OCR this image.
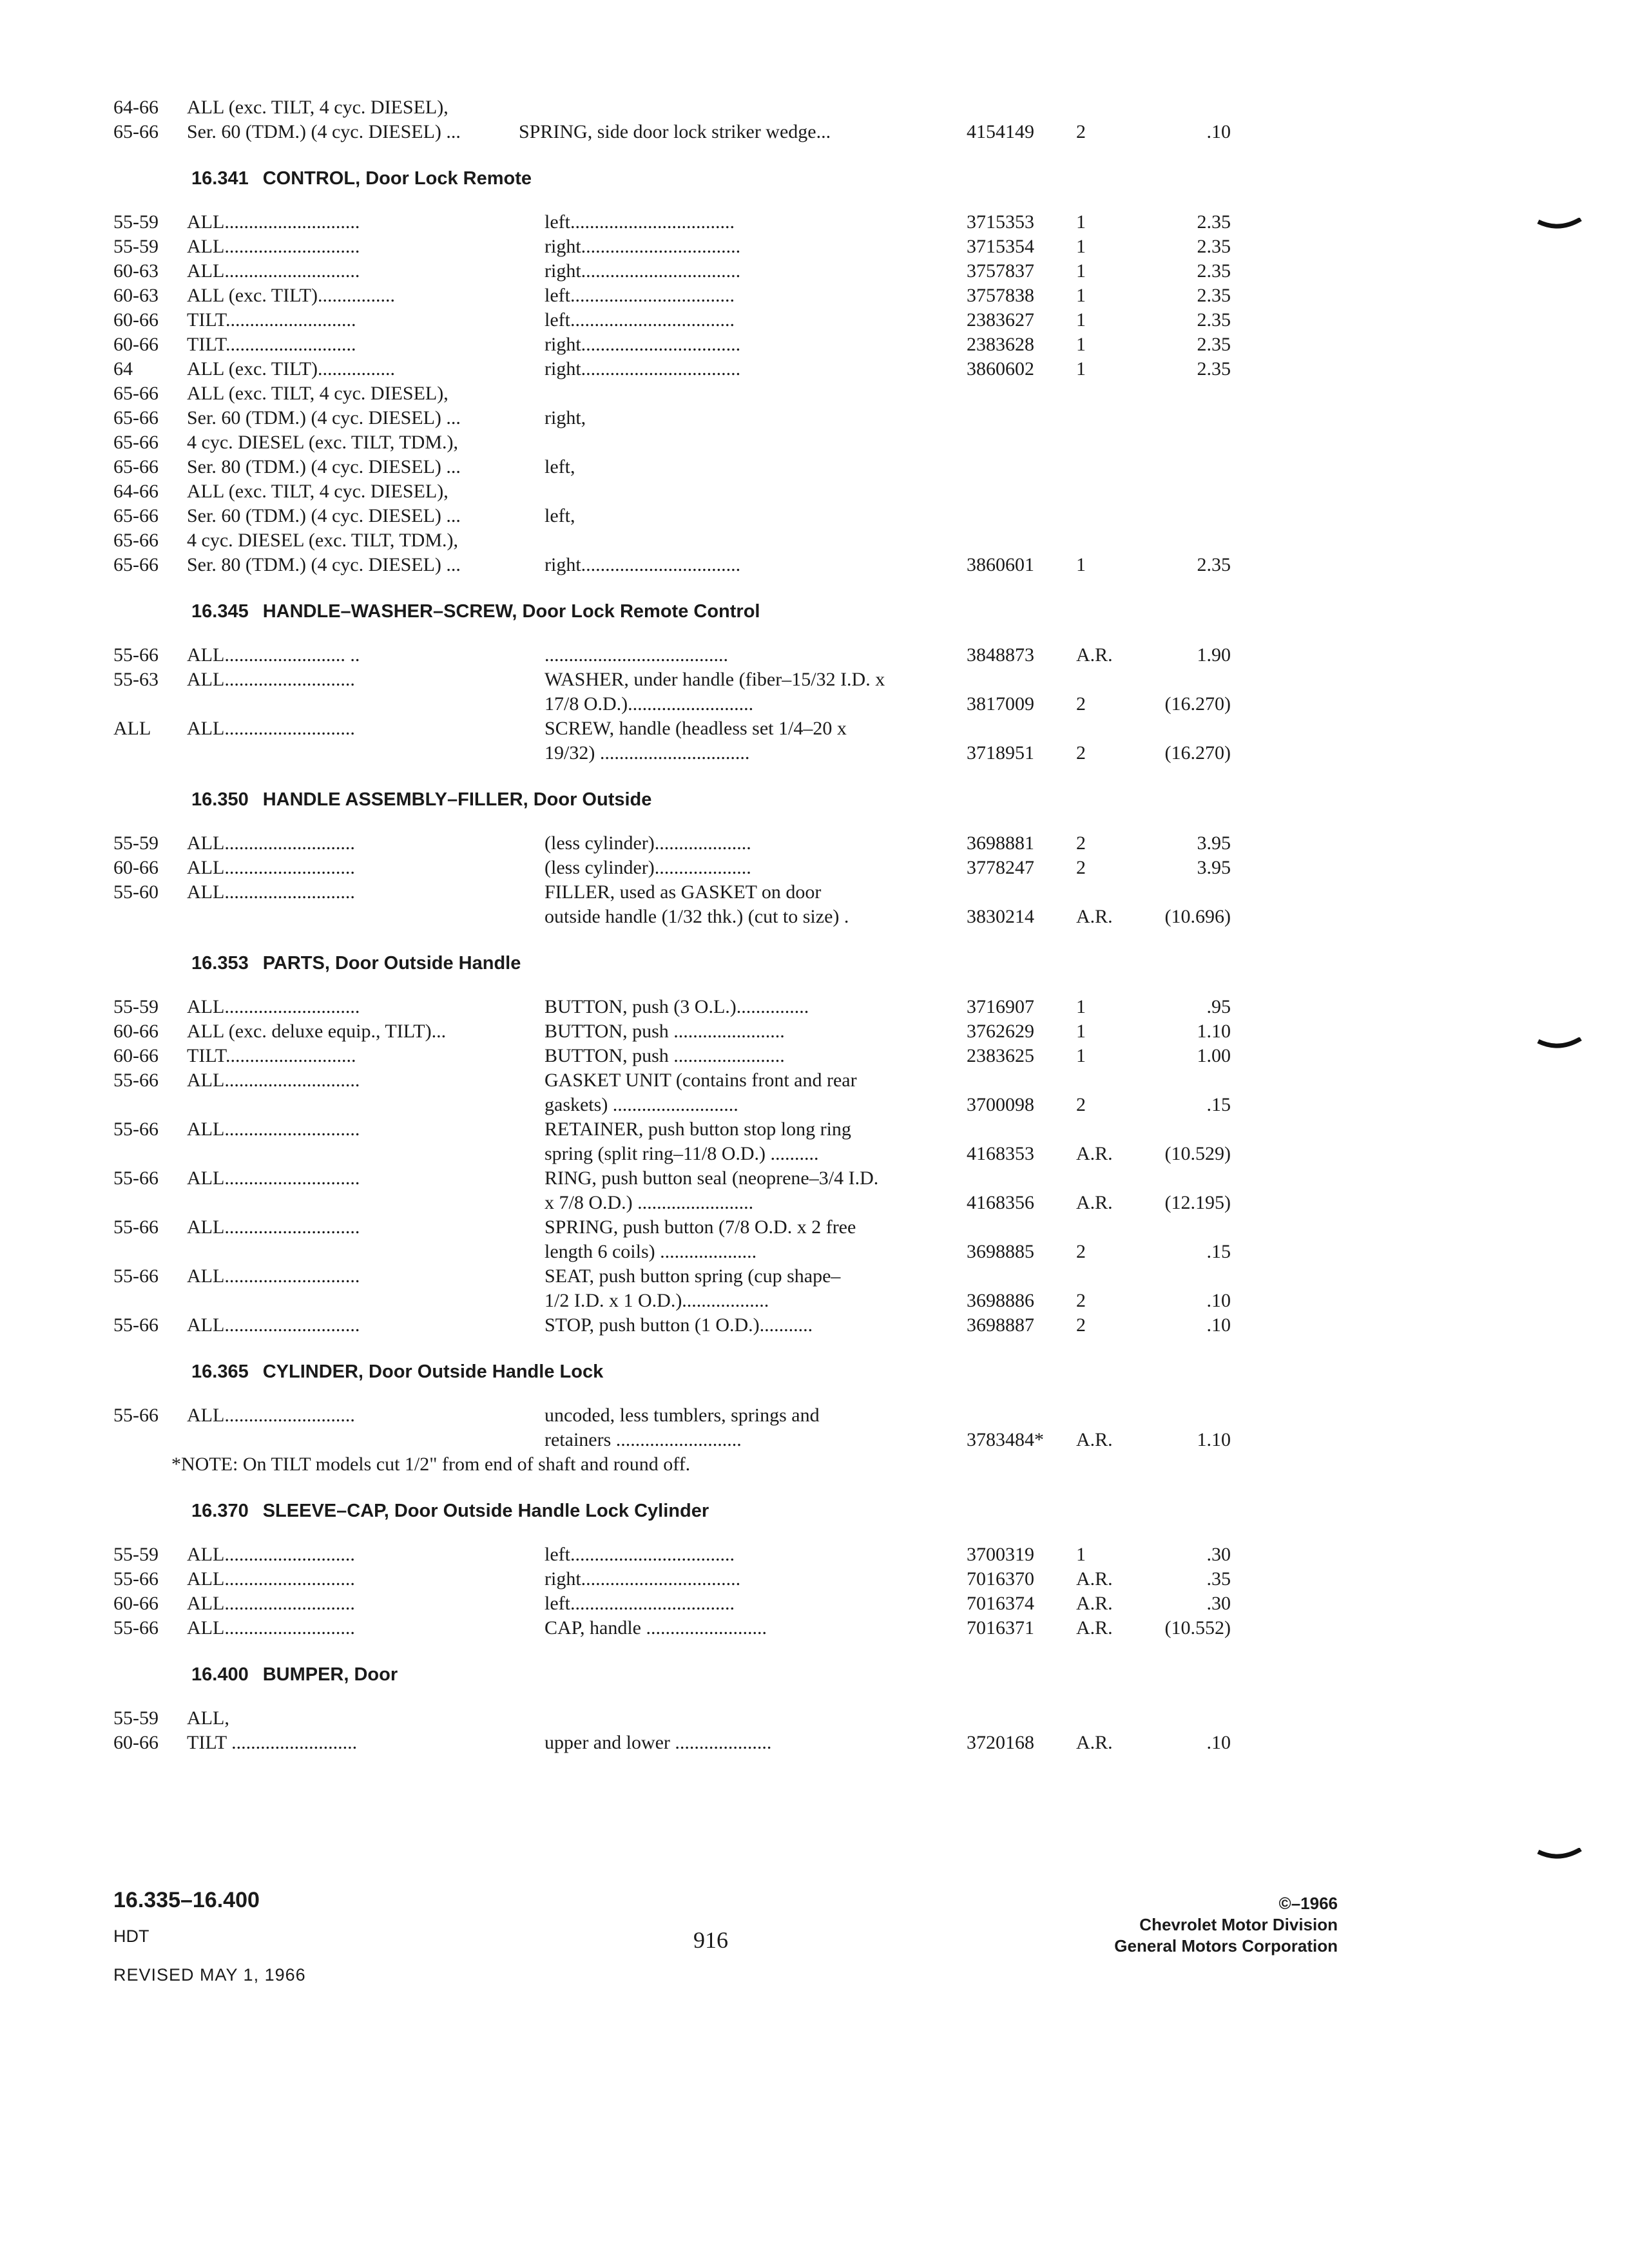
64-66	ALL (exc. TILT, 4 cyc. DIESEL),
65-66	Ser. 60 (TDM.) (4 cyc. DIESEL) ...	SPRING, side door lock striker wedge...	4154149	2	.10
16.341 CONTROL, Door Lock Remote
55-59	ALL............................	left..................................	3715353	1	2.35
55-59	ALL............................	right.................................	3715354	1	2.35
60-63	ALL............................	right.................................	3757837	1	2.35
60-63	ALL (exc. TILT)................	left..................................	3757838	1	2.35
60-66	TILT...........................	left..................................	2383627	1	2.35
60-66	TILT...........................	right.................................	2383628	1	2.35
64	ALL (exc. TILT)................	right.................................	3860602	1	2.35
65-66	ALL (exc. TILT, 4 cyc. DIESEL),
65-66	Ser. 60 (TDM.) (4 cyc. DIESEL) ...	right,
65-66	4 cyc. DIESEL (exc. TILT, TDM.),
65-66	Ser. 80 (TDM.) (4 cyc. DIESEL) ...	left,
64-66	ALL (exc. TILT, 4 cyc. DIESEL),
65-66	Ser. 60 (TDM.) (4 cyc. DIESEL) ...	left,
65-66	4 cyc. DIESEL (exc. TILT, TDM.),
65-66	Ser. 80 (TDM.) (4 cyc. DIESEL) ...	right.................................	3860601	1	2.35
16.345 HANDLE–WASHER–SCREW, Door Lock Remote Control
55-66	ALL......................... ..	......................................	3848873	A.R.	1.90
55-63	ALL...........................	WASHER, under handle (fiber–15/32 I.D. x
17/8 O.D.)..........................	3817009	2	(16.270)
ALL	ALL...........................	SCREW, handle (headless set 1/4–20 x
19/32) ...............................	3718951	2	(16.270)
16.350 HANDLE ASSEMBLY–FILLER, Door Outside
55-59	ALL...........................	(less cylinder)....................	3698881	2	3.95
60-66	ALL...........................	(less cylinder)....................	3778247	2	3.95
55-60	ALL...........................	FILLER, used as GASKET on door
outside handle (1/32 thk.) (cut to size) .	3830214	A.R.	(10.696)
16.353 PARTS, Door Outside Handle
55-59	ALL............................	BUTTON, push (3 O.L.)...............	3716907	1	.95
60-66	ALL (exc. deluxe equip., TILT)...	BUTTON, push .......................	3762629	1	1.10
60-66	TILT...........................	BUTTON, push .......................	2383625	1	1.00
55-66	ALL............................	GASKET UNIT (contains front and rear
gaskets) ..........................	3700098	2	.15
55-66	ALL............................	RETAINER, push button stop long ring
spring (split ring–11/8 O.D.) ..........	4168353	A.R.	(10.529)
55-66	ALL............................	RING, push button seal (neoprene–3/4 I.D.
x 7/8 O.D.) ........................	4168356	A.R.	(12.195)
55-66	ALL............................	SPRING, push button (7/8 O.D. x 2 free
length 6 coils) ....................	3698885	2	.15
55-66	ALL............................	SEAT, push button spring (cup shape–
1/2 I.D. x 1 O.D.)..................	3698886	2	.10
55-66	ALL............................	STOP, push button (1 O.D.)...........	3698887	2	.10
16.365 CYLINDER, Door Outside Handle Lock
55-66	ALL...........................	uncoded, less tumblers, springs and
retainers ..........................	3783484*	A.R.	1.10
*NOTE: On TILT models cut 1/2" from end of shaft and round off.
16.370 SLEEVE–CAP, Door Outside Handle Lock Cylinder
55-59	ALL...........................	left..................................	3700319	1	.30
55-66	ALL...........................	right.................................	7016370	A.R.	.35
60-66	ALL...........................	left..................................	7016374	A.R.	.30
55-66	ALL...........................	CAP, handle .........................	7016371	A.R.	(10.552)
16.400 BUMPER, Door
55-59	ALL,
60-66	TILT ..........................	upper and lower ....................	3720168	A.R.	.10
16.335–16.400
HDT
REVISED MAY 1, 1966
916
©–1966
Chevrolet Motor Division
General Motors Corporation
